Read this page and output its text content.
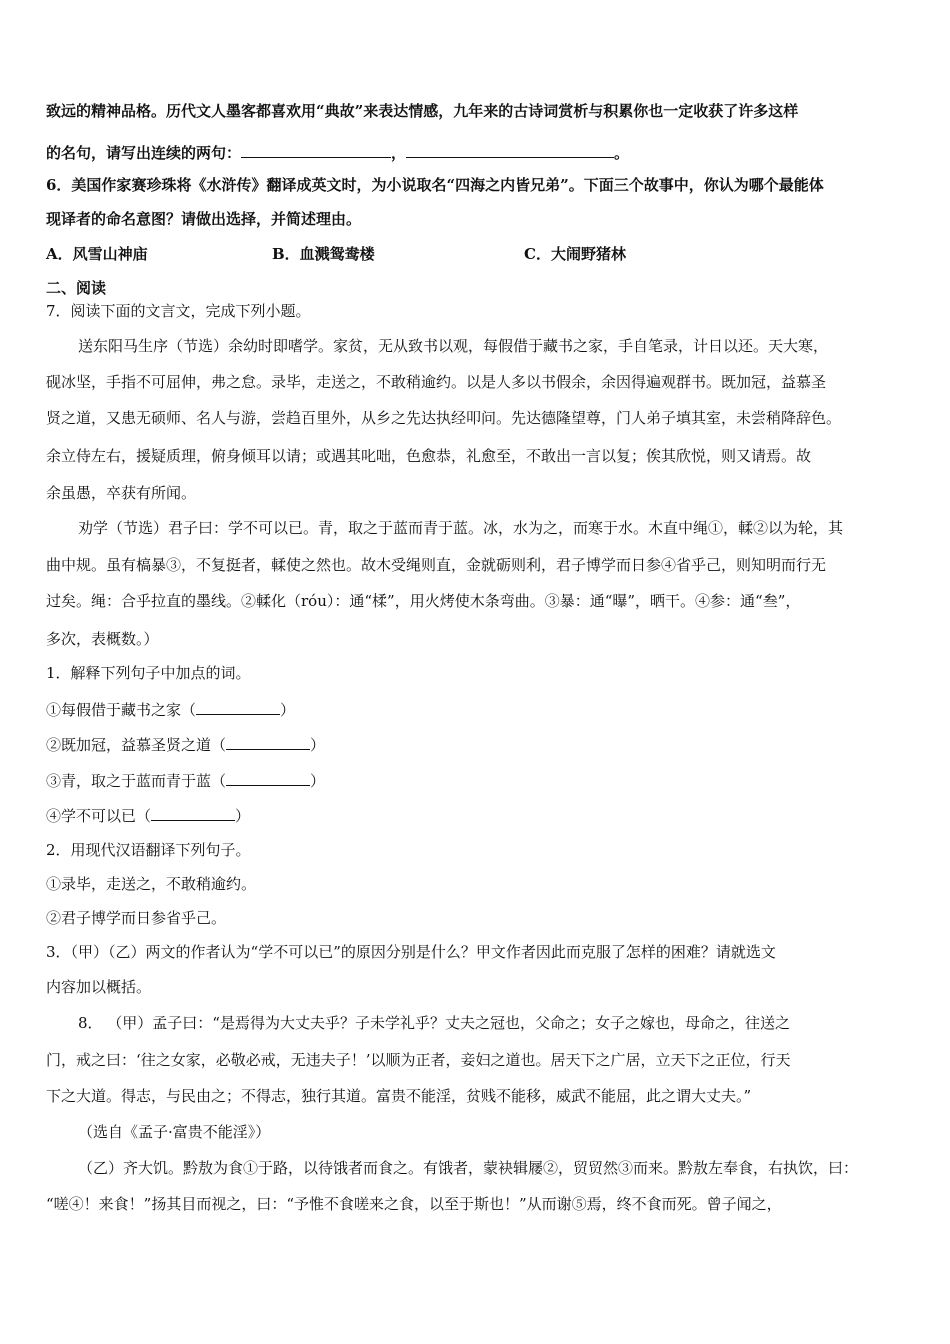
致远的精神品格。历代文人墨客都喜欢用“典故”来表达情感，九年来的古诗词赏析与积累你也一定收获了许多这样
的名句，请写出连续的两句：	，	。
6．美国作家赛珍珠将《水浒传》翻译成英文时，为小说取名“四海之内皆兄弟”。下面三个故事中，你认为哪个最能体
现译者的命名意图？请做出选择，并简述理由。
A．风雪山神庙	B．血溅鸳鸯楼	C．大闹野猪林
二、阅读
7．阅读下面的文言文，完成下列小题。
送东阳马生序（节选）余幼时即嗜学。家贫，无从致书以观，每假借于藏书之家，手自笔录，计日以还。天大寒，
砚冰坚，手指不可屈伸，弗之怠。录毕，走送之，不敢稍逾约。以是人多以书假余，余因得遍观群书。既加冠，益慕圣
贤之道，又患无硕师、名人与游，尝趋百里外，从乡之先达执经叩问。先达德隆望尊，门人弟子填其室，未尝稍降辞色。
余立侍左右，援疑质理，俯身倾耳以请；或遇其叱咄，色愈恭，礼愈至，不敢出一言以复；俟其欣悦，则又请焉。故
余虽愚，卒获有所闻。
劝学（节选）君子曰：学不可以已。青，取之于蓝而青于蓝。冰，水为之，而寒于水。木直中绳①，輮②以为轮，其
曲中规。虽有槁暴③，不复挺者，輮使之然也。故木受绳则直，金就砺则利，君子博学而日参④省乎己，则知明而行无
过矣。绳：合乎拉直的墨线。②輮化（róu）：通“楺”，用火烤使木条弯曲。③暴：通“曝”，晒干。④参：通“叁”，
多次，表概数。）
1．解释下列句子中加点的词。
①每假借于藏书之家（	）
②既加冠，益慕圣贤之道（	）
③青，取之于蓝而青于蓝（	）
④学不可以已（	）
2．用现代汉语翻译下列句子。
①录毕，走送之，不敢稍逾约。
②君子博学而日参省乎己。
3．（甲）（乙）两文的作者认为“学不可以已”的原因分别是什么？甲文作者因此而克服了怎样的困难？请就选文
内容加以概括。
8． （甲）孟子曰：“是焉得为大丈夫乎？子未学礼乎？丈夫之冠也，父命之；女子之嫁也，母命之，往送之
门，戒之曰：‘往之女家，必敬必戒，无违夫子！’以顺为正者，妾妇之道也。居天下之广居，立天下之正位，行天
下之大道。得志，与民由之；不得志，独行其道。富贵不能淫，贫贱不能移，威武不能屈，此之谓大丈夫。”
（选自《孟子·富贵不能淫》）
（乙）齐大饥。黔敖为食①于路，以待饿者而食之。有饿者，蒙袂辑屦②，贸贸然③而来。黔敖左奉食，右执饮，曰：
“嗟④！来食！”扬其目而视之，曰：“予惟不食嗟来之食，以至于斯也！”从而谢⑤焉，终不食而死。曾子闻之，
